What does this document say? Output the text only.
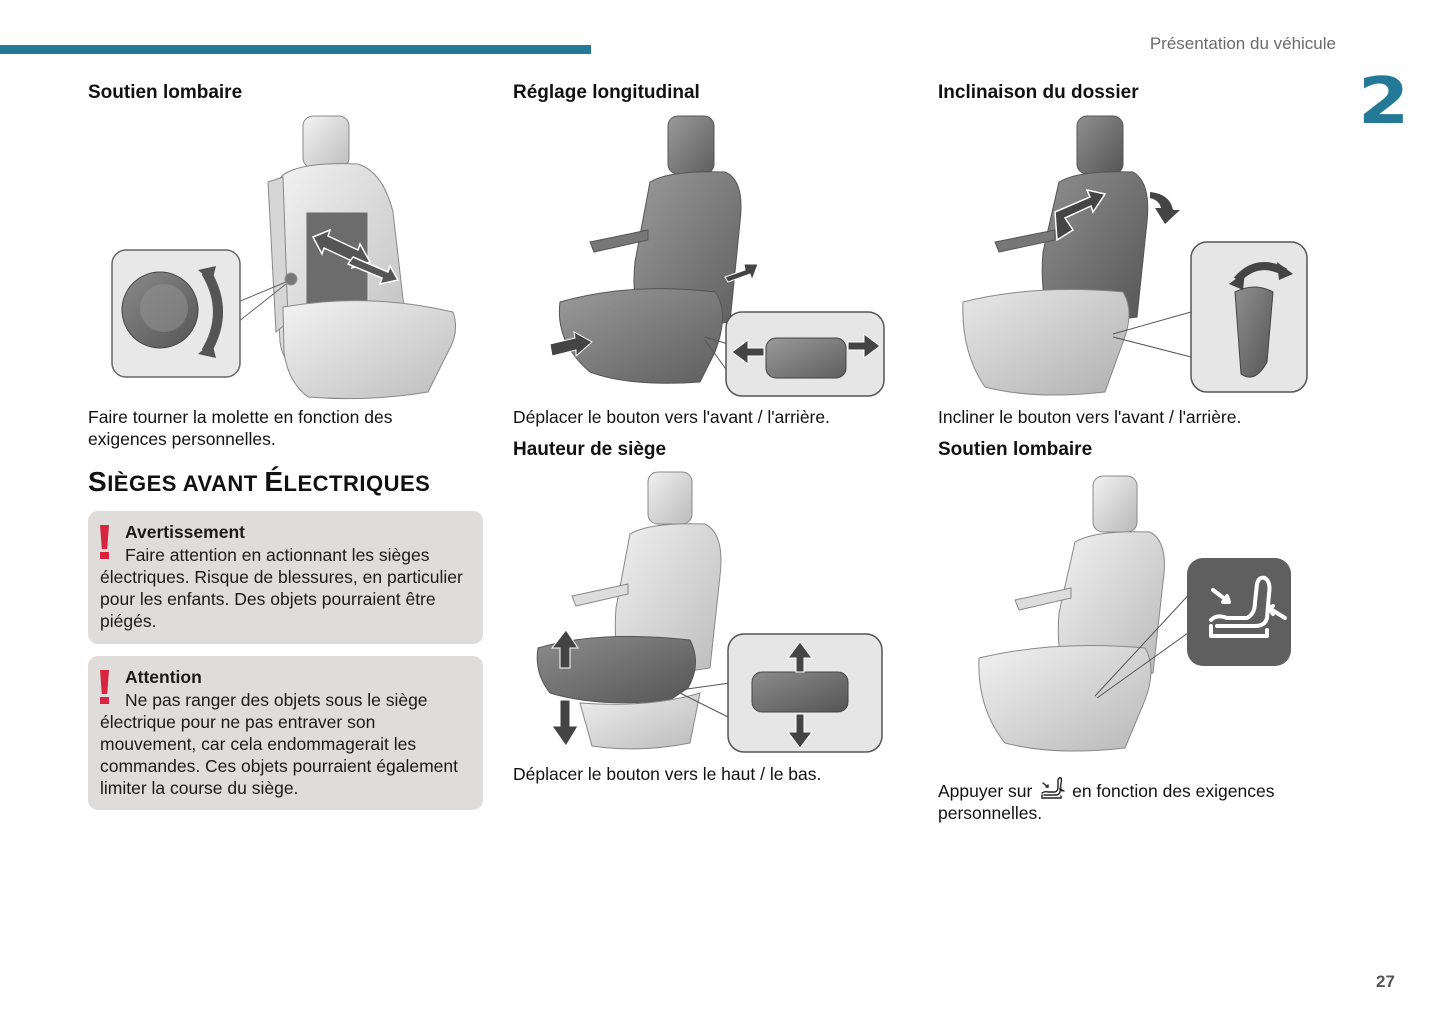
Présentation du véhicule
2
Soutien lombaire
Faire tourner la molette en fonction des
exigences personnelles.
SIÈGES AVANT ÉLECTRIQUES
Avertissement
Faire attention en actionnant les sièges électriques. Risque de blessures, en particulier pour les enfants. Des objets pourraient être piégés.
Attention
Ne pas ranger des objets sous le siège électrique pour ne pas entraver son mouvement, car cela endommagerait les commandes. Ces objets pourraient également limiter la course du siège.
Réglage longitudinal
Déplacer le bouton vers l'avant / l'arrière.
Hauteur de siège
Déplacer le bouton vers le haut / le bas.
Inclinaison du dossier
Incliner le bouton vers l'avant / l'arrière.
Soutien lombaire
Appuyer sur en fonction des exigences
personnelles.
27
